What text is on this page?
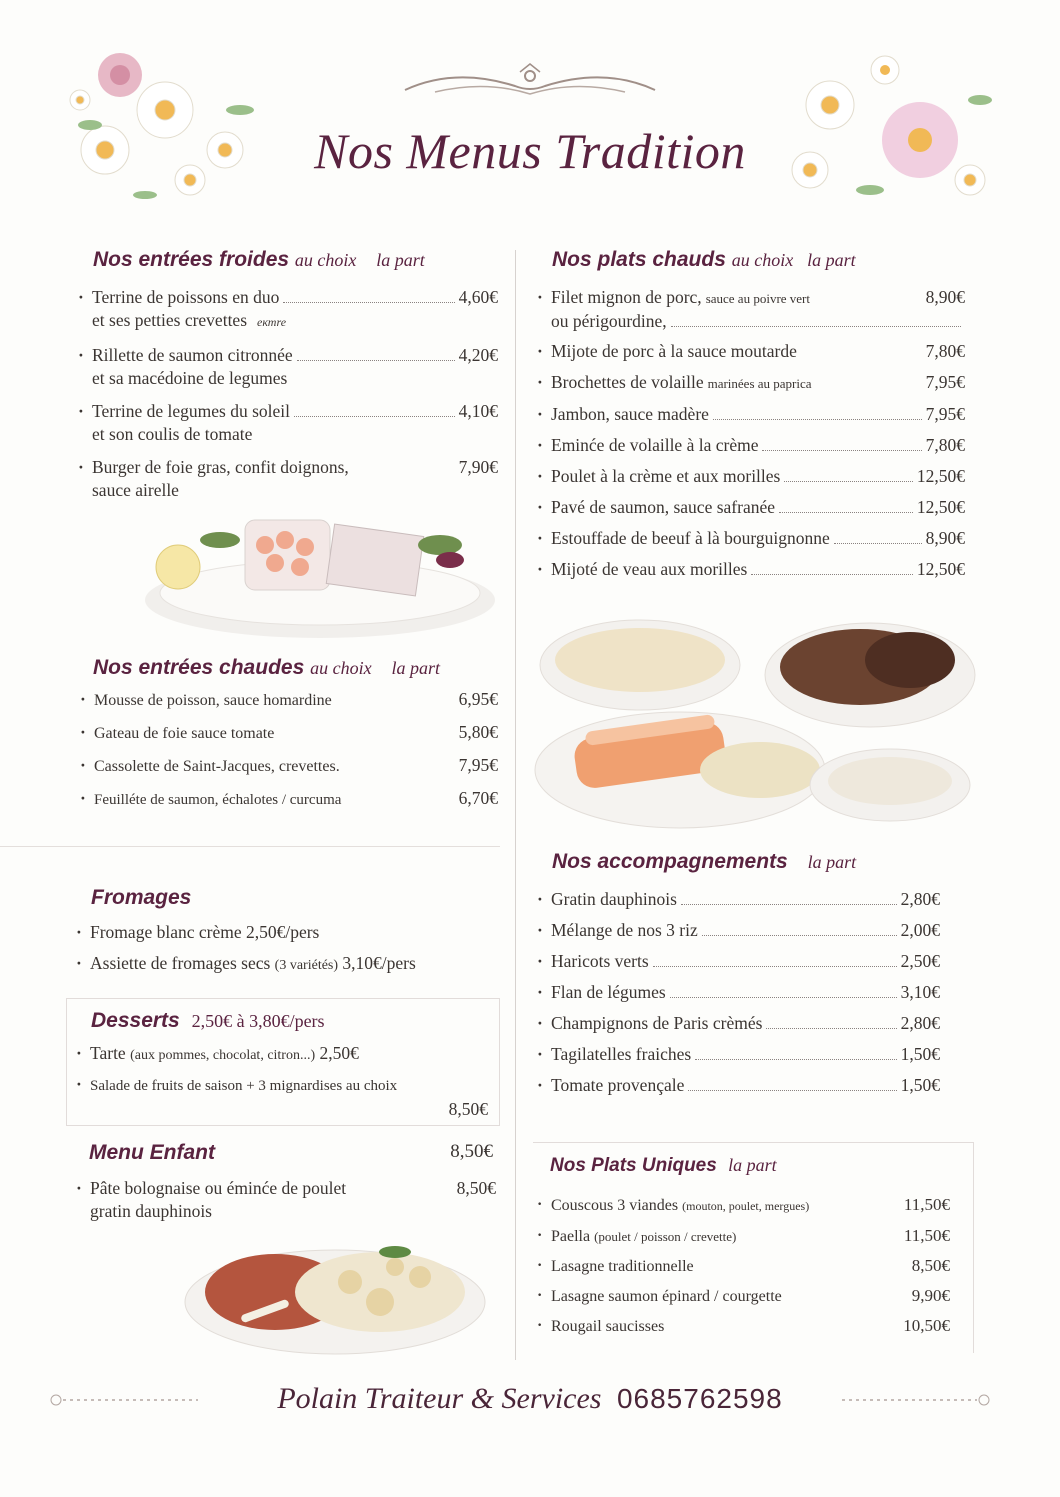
Nos Menus Tradition
Nos entrées froides au choix la part
· Terrine de poissons en duo	4,60€
et ses petties crevettes ектre
· Rillette de saumon citronnée	4,20€
et sa macédoine de legumes
· Terrine de legumes du soleil	4,10€
et son coulis de tomate
· Burger de foie gras, confit doignons,	7,90€
sauce airelle
Nos entrées chaudes au choix la part
· Mousse de poisson, sauce homardine	6,95€
· Gateau de foie sauce tomate	5,80€
· Cassolette de Saint-Jacques, crevettes.	7,95€
· Feuilléte de saumon, échalotes / curcuma	6,70€
Fromages
· Fromage blanc crème 2,50€/pers
· Assiette de fromages secs (3 variétés) 3,10€/pers
Desserts 2,50€ à 3,80€/pers
· Tarte (aux pommes, chocolat, citron...) 2,50€
· Salade de fruits de saison + 3 mignardises au choix
8,50€
Menu Enfant	8,50€
· Pâte bolognaise ou éminće de poulet	8,50€
gratin dauphinois
Nos plats chauds au choix la part
· Filet mignon de porc, sauce au poivre vert	8,90€
ou périgourdine,
· Mijote de porc à la sauce moutarde	7,80€
· Brochettes de volaille marinées au paprica	7,95€
· Jambon, sauce madère	7,95€
· Eminće de volaille à la crème	7,80€
· Poulet à la crème et aux morilles	12,50€
· Pavé de saumon, sauce safranée	12,50€
· Estouffade de beeuf à là bourguignonne	8,90€
· Mijoté de veau aux morilles	12,50€
Nos accompagnements la part
· Gratin dauphinois	2,80€
· Mélange de nos 3 riz	2,00€
· Haricots verts	2,50€
· Flan de légumes	3,10€
· Champignons de Paris crèmés	2,80€
· Tagilatelles fraiches	1,50€
· Tomate provençale	1,50€
Nos Plats Uniques la part
· Couscous 3 viandes (mouton, poulet, mergues)	11,50€
· Paella (poulet / poisson / crevette)	11,50€
· Lasagne traditionnelle	8,50€
· Lasagne saumon épinard / courgette	9,90€
· Rougail saucisses	10,50€
Polain Traiteur & Services 0685762598
